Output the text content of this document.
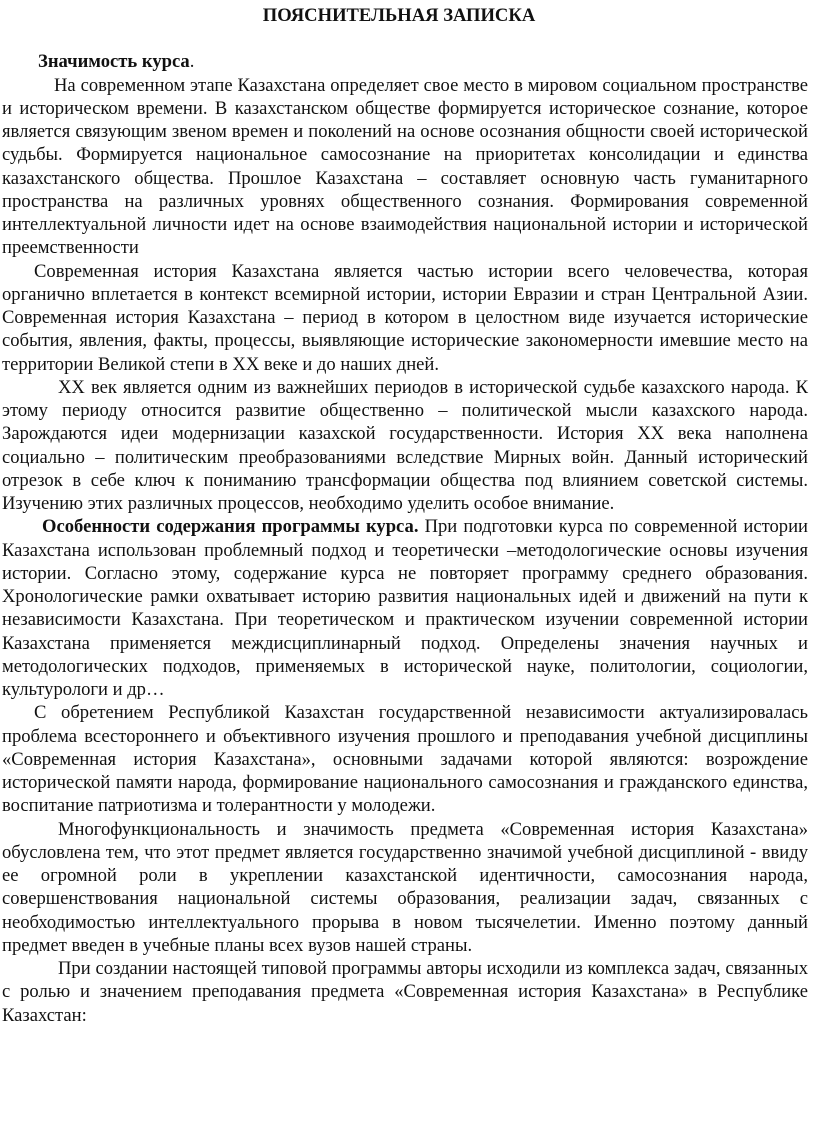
ПОЯСНИТЕЛЬНАЯ ЗАПИСКА

Значимость курса.

На современном этапе Казахстана определяет свое место в мировом социальном пространстве и историческом времени. В казахстанском обществе формируется историческое сознание, которое является связующим звеном времен и поколений на основе осознания общности своей исторической судьбы. Формируется национальное самосознание на приоритетах консолидации и единства казахстанского общества. Прошлое Казахстана – составляет основную часть гуманитарного пространства на различных уровнях общественного сознания. Формирования современной интеллектуальной личности идет на основе взаимодействия национальной истории и исторической преемственности

Современная история Казахстана является частью истории всего человечества, которая органично вплетается в контекст всемирной истории, истории Евразии и стран Центральной Азии. Современная история Казахстана – период в котором в целостном виде изучается исторические события, явления, факты, процессы, выявляющие исторические закономерности имевшие место на территории Великой степи в XX веке и до наших дней.

XX век является одним из важнейших периодов в исторической судьбе казахского народа. К этому периоду относится развитие общественно – политической мысли казахского народа. Зарождаются идеи модернизации казахской государственности. История XX века наполнена социально – политическим преобразованиями вследствие Мирных войн. Данный исторический отрезок в себе ключ к пониманию трансформации общества под влиянием советской системы. Изучению этих различных процессов, необходимо уделить особое внимание.

Особенности содержания программы курса. При подготовки курса по современной истории Казахстана использован проблемный подход и теоретически –методологические основы изучения истории. Согласно этому, содержание курса не повторяет программу среднего образования. Хронологические рамки охватывает историю развития национальных идей и движений на пути к независимости Казахстана. При теоретическом и практическом изучении современной истории Казахстана применяется междисциплинарный подход. Определены значения научных и методологических подходов, применяемых в исторической науке, политологии, социологии, культурологи и др…

С обретением Республикой Казахстан государственной независимости актуализировалась проблема всестороннего и объективного изучения прошлого и преподавания учебной дисциплины «Современная история Казахстана», основными задачами которой являются: возрождение исторической памяти народа, формирование национального самосознания и гражданского единства, воспитание патриотизма и толерантности у молодежи.

Многофункциональность и значимость предмета «Современная история Казахстана» обусловлена тем, что этот предмет является государственно значимой учебной дисциплиной - ввиду ее огромной роли в укреплении казахстанской идентичности, самосознания народа, совершенствования национальной системы образования, реализации задач, связанных с необходимостью интеллектуального прорыва в новом тысячелетии. Именно поэтому данный предмет введен в учебные планы всех вузов нашей страны.

При создании настоящей типовой программы авторы исходили из комплекса задач, связанных с ролью и значением преподавания предмета «Современная история Казахстана» в Республике Казахстан:
